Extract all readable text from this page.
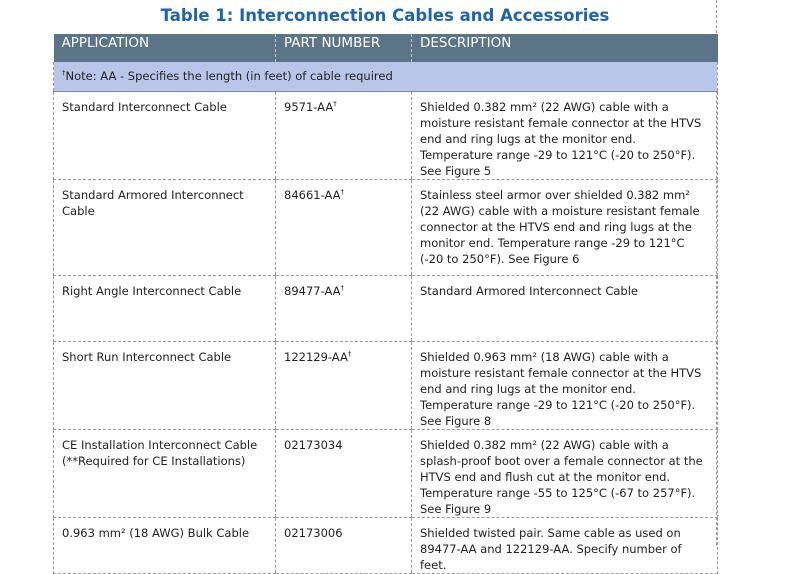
Table 1: Interconnection Cables and Accessories
APPLICATION	PART NUMBER	DESCRIPTION

†Note: AA - Specifies the length (in feet) of cable required		

Standard Interconnect Cable	9571-AA†	Shielded 0.382 mm² (22 AWG) cable with a moisture resistant female connector at the HTVS end and ring lugs at the monitor end. Temperature range -29 to 121°C (-20 to 250°F). See Figure 5
Standard Armored Interconnect Cable	84661-AA†	Stainless steel armor over shielded 0.382 mm² (22 AWG) cable with a moisture resistant female connector at the HTVS end and ring lugs at the monitor end. Temperature range -29 to 121°C (-20 to 250°F). See Figure 6
Right Angle Interconnect Cable	89477-AA†	Standard Armored Interconnect Cable
Short Run Interconnect Cable	122129-AA†	Shielded 0.963 mm² (18 AWG) cable with a moisture resistant female connector at the HTVS end and ring lugs at the monitor end. Temperature range -29 to 121°C (-20 to 250°F). See Figure 8
CE Installation Interconnect Cable (**Required for CE Installations)	02173034	Shielded 0.382 mm² (22 AWG) cable with a splash-proof boot over a female connector at the HTVS end and flush cut at the monitor end. Temperature range -55 to 125°C (-67 to 257°F). See Figure 9
0.963 mm² (18 AWG) Bulk Cable	02173006	Shielded twisted pair. Same cable as used on 89477-AA and 122129-AA. Specify number of feet.
